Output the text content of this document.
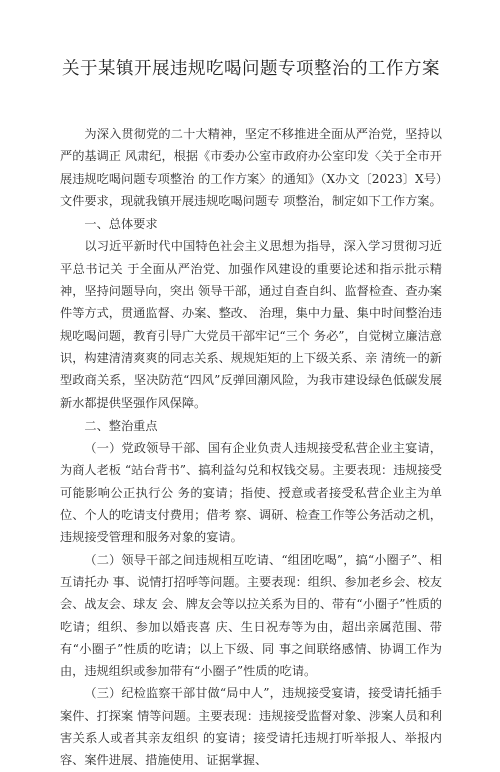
关于某镇开展违规吃喝问题专项整治的工作方案

为深入贯彻党的二十大精神，坚定不移推进全面从严治党，坚持以严的基调正 风肃纪，根据《市委办公室市政府办公室印发〈关于全市开展违规吃喝问题专项整治 的工作方案〉的通知》（X办文〔2023〕X号）文件要求，现就我镇开展违规吃喝问题专 项整治，制定如下工作方案。

一、总体要求

以习近平新时代中国特色社会主义思想为指导，深入学习贯彻习近平总书记关 于全面从严治党、加强作风建设的重要论述和指示批示精神，坚持问题导向，突出 领导干部，通过自查自纠、监督检查、查办案件等方式，贯通监督、办案、整改、 治理，集中力量、集中时间整治违规吃喝问题，教育引导广大党员干部牢记“三个 务必”，自觉树立廉洁意识，构建清清爽爽的同志关系、规规矩矩的上下级关系、亲 清统一的新型政商关系，坚决防范“四风”反弹回潮风险，为我市建设绿色低碳发展 新水都提供坚强作风保障。

二、整治重点

（一）党政领导干部、国有企业负责人违规接受私营企业主宴请，为商人老板 “站台背书”、搞利益勾兑和权钱交易。主要表现：违规接受可能影响公正执行公 务的宴请；指使、授意或者接受私营企业主为单位、个人的吃请支付费用；借考 察、调研、检查工作等公务活动之机，违规接受管理和服务对象的宴请。

（二）领导干部之间违规相互吃请、“组团吃喝”，搞“小圈子”、相互请托办 事、说情打招呼等问题。主要表现：组织、参加老乡会、校友会、战友会、球友 会、牌友会等以拉关系为目的、带有“小圈子”性质的吃请；组织、参加以婚丧喜 庆、生日祝寿等为由，超出亲属范围、带有“小圈子”性质的吃请；以上下级、同 事之间联络感情、协调工作为由，违规组织或参加带有“小圈子”性质的吃请。

（三）纪检监察干部甘做“局中人”，违规接受宴请，接受请托插手案件、打探案 情等问题。主要表现：违规接受监督对象、涉案人员和利害关系人或者其亲友组织 的宴请；接受请托违规打听举报人、举报内容、案件进展、措施使用、证据掌握、
